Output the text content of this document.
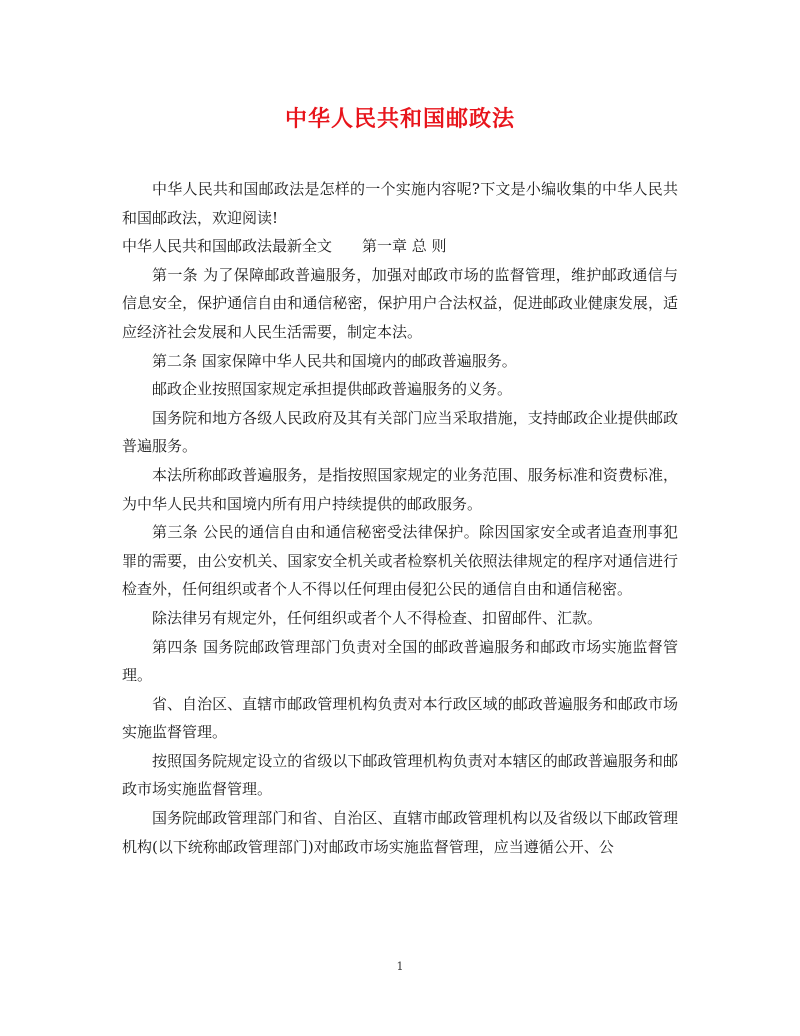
中华人民共和国邮政法

中华人民共和国邮政法是怎样的一个实施内容呢?下文是小编收集的中华人民共和国邮政法，欢迎阅读!

中华人民共和国邮政法最新全文 第一章 总 则

第一条 为了保障邮政普遍服务，加强对邮政市场的监督管理，维护邮政通信与信息安全，保护通信自由和通信秘密，保护用户合法权益，促进邮政业健康发展，适应经济社会发展和人民生活需要，制定本法。

第二条 国家保障中华人民共和国境内的邮政普遍服务。

邮政企业按照国家规定承担提供邮政普遍服务的义务。

国务院和地方各级人民政府及其有关部门应当采取措施，支持邮政企业提供邮政普遍服务。

本法所称邮政普遍服务，是指按照国家规定的业务范围、服务标准和资费标准，为中华人民共和国境内所有用户持续提供的邮政服务。

第三条 公民的通信自由和通信秘密受法律保护。除因国家安全或者追查刑事犯罪的需要，由公安机关、国家安全机关或者检察机关依照法律规定的程序对通信进行检查外，任何组织或者个人不得以任何理由侵犯公民的通信自由和通信秘密。

除法律另有规定外，任何组织或者个人不得检查、扣留邮件、汇款。

第四条 国务院邮政管理部门负责对全国的邮政普遍服务和邮政市场实施监督管理。

省、自治区、直辖市邮政管理机构负责对本行政区域的邮政普遍服务和邮政市场实施监督管理。

按照国务院规定设立的省级以下邮政管理机构负责对本辖区的邮政普遍服务和邮政市场实施监督管理。

国务院邮政管理部门和省、自治区、直辖市邮政管理机构以及省级以下邮政管理机构(以下统称邮政管理部门)对邮政市场实施监督管理，应当遵循公开、公

1
